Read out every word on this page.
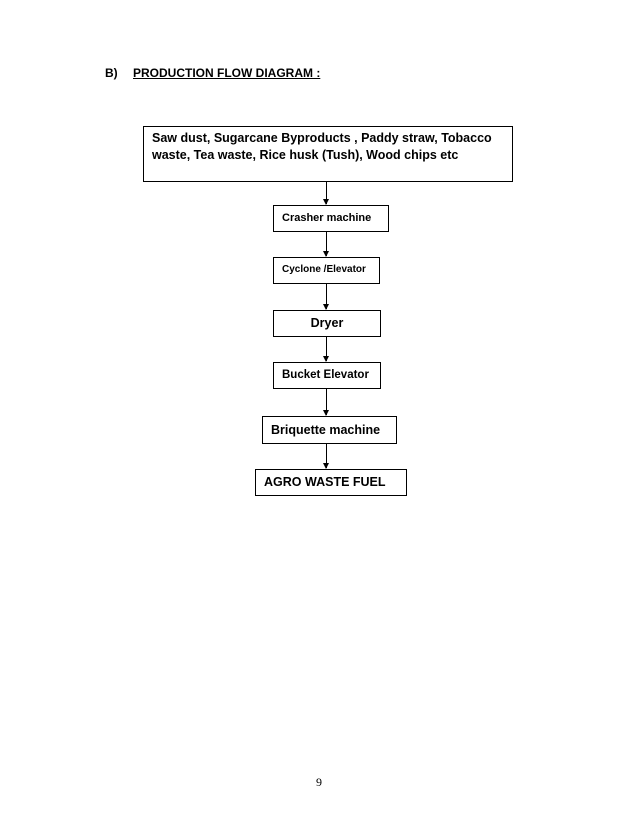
B) PRODUCTION FLOW DIAGRAM :
Saw dust, Sugarcane Byproducts , Paddy straw, Tobacco waste, Tea waste, Rice husk (Tush), Wood chips etc
Crasher machine
Cyclone /Elevator
Dryer
Bucket Elevator
Briquette machine
AGRO WASTE FUEL
9
